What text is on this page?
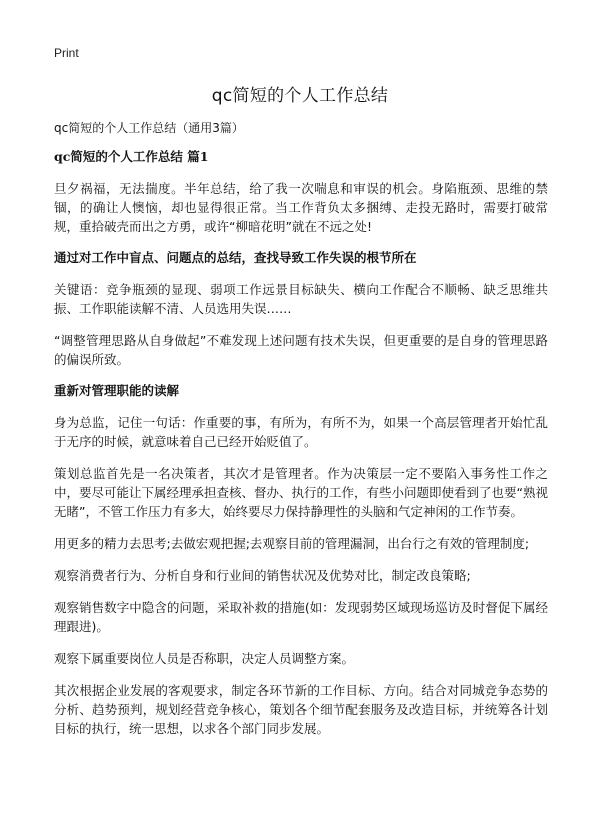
Print
qc简短的个人工作总结

qc简短的个人工作总结（通用3篇）

qc简短的个人工作总结 篇1

旦夕祸福，无法揣度。半年总结，给了我一次喘息和审误的机会。身陷瓶颈、思维的禁锢，的确让人懊恼，却也显得很正常。当工作背负太多捆缚、走投无路时，需要打破常规，重拾破壳而出之方勇，或许“柳暗花明”就在不远之处!

通过对工作中盲点、问题点的总结，查找导致工作失误的根节所在

关键语：竞争瓶颈的显现、弱项工作远景目标缺失、横向工作配合不顺畅、缺乏思维共振、工作职能读解不清、人员选用失误……

“调整管理思路从自身做起”不难发现上述问题有技术失误，但更重要的是自身的管理思路的偏误所致。

重新对管理职能的读解

身为总监，记住一句话：作重要的事，有所为，有所不为，如果一个高层管理者开始忙乱于无序的时候，就意味着自己已经开始贬值了。

策划总监首先是一名决策者，其次才是管理者。作为决策层一定不要陷入事务性工作之中，要尽可能让下属经理承担查核、督办、执行的工作，有些小问题即使看到了也要“熟视无睹”，不管工作压力有多大，始终要尽力保持静理性的头脑和气定神闲的工作节奏。

用更多的精力去思考;去做宏观把握;去观察目前的管理漏洞，出台行之有效的管理制度;

观察消费者行为、分析自身和行业间的销售状况及优势对比，制定改良策略;

观察销售数字中隐含的问题，采取补救的措施(如：发现弱势区域现场巡访及时督促下属经理跟进)。

观察下属重要岗位人员是否称职，决定人员调整方案。

其次根据企业发展的客观要求，制定各环节新的工作目标、方向。结合对同城竞争态势的分析、趋势预判，规划经营竞争核心，策划各个细节配套服务及改造目标，并统筹各计划目标的执行，统一思想，以求各个部门同步发展。
